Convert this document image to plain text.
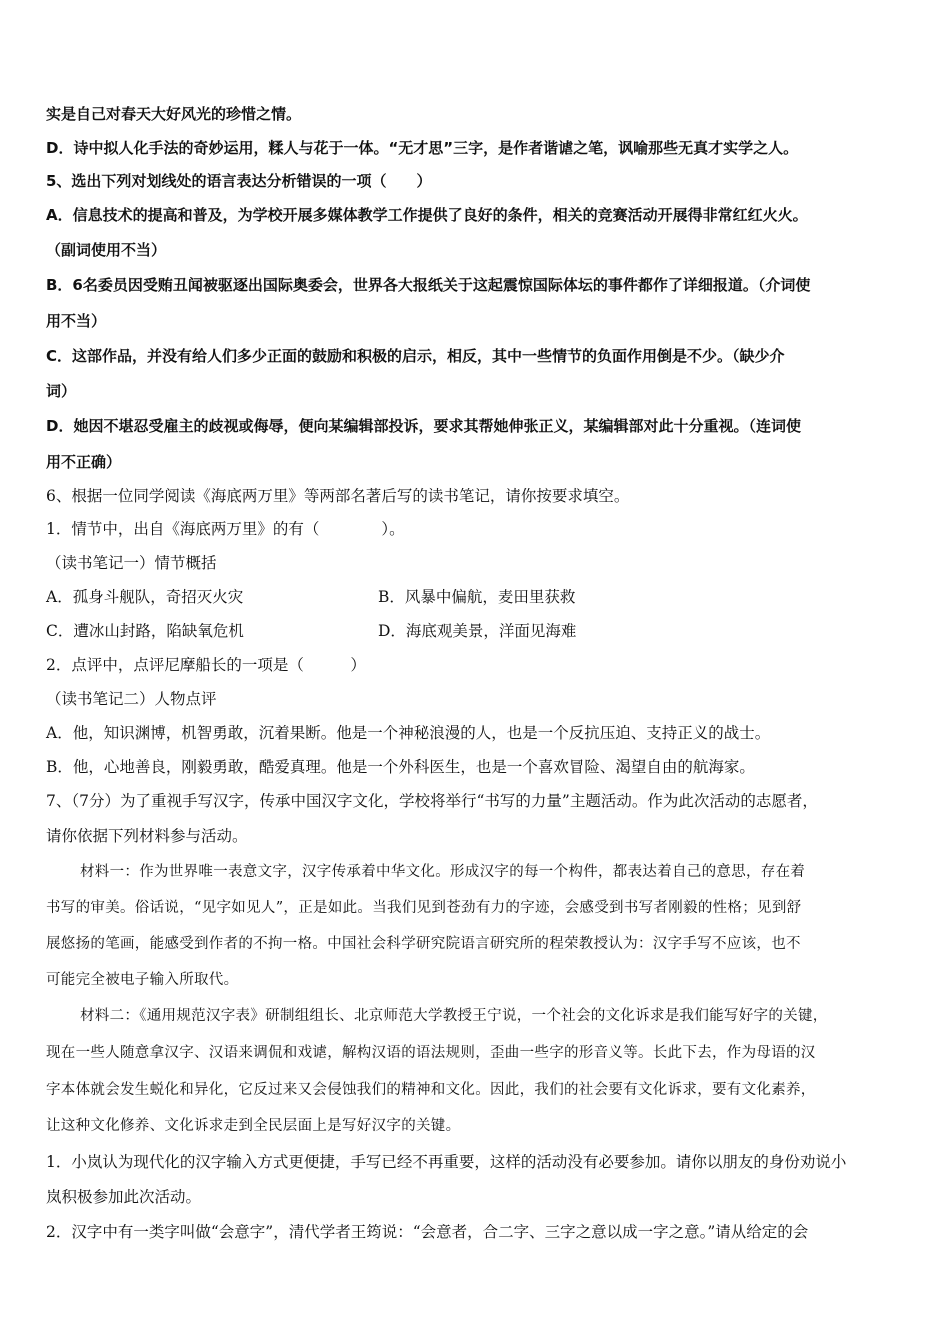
实是自己对春天大好风光的珍惜之情。
D．诗中拟人化手法的奇妙运用，糅人与花于一体。“无才思”三字，是作者谐谑之笔，讽喻那些无真才实学之人。
5、选出下列对划线处的语言表达分析错误的一项（　　）
A．信息技术的提高和普及，为学校开展多媒体教学工作提供了良好的条件，相关的竞赛活动开展得非常红红火火。
（副词使用不当）
B．6名委员因受贿丑闻被驱逐出国际奥委会，世界各大报纸关于这起震惊国际体坛的事件都作了详细报道。（介词使
用不当）
C．这部作品，并没有给人们多少正面的鼓励和积极的启示，相反，其中一些情节的负面作用倒是不少。（缺少介
词）
D．她因不堪忍受雇主的歧视或侮辱，便向某编辑部投诉，要求其帮她伸张正义，某编辑部对此十分重视。（连词使
用不正确）
6、根据一位同学阅读《海底两万里》等两部名著后写的读书笔记，请你按要求填空。
1．情节中，出自《海底两万里》的有（　　　　）。
（读书笔记一）情节概括
A．孤身斗舰队，奇招灭火灾	B．风暴中偏航，麦田里获救
C．遭冰山封路，陷缺氧危机	D．海底观美景，洋面见海难
2．点评中，点评尼摩船长的一项是（　　　）
（读书笔记二）人物点评
A．他，知识渊博，机智勇敢，沉着果断。他是一个神秘浪漫的人，也是一个反抗压迫、支持正义的战士。
B．他，心地善良，刚毅勇敢，酷爱真理。他是一个外科医生，也是一个喜欢冒险、渴望自由的航海家。
7、（7分）为了重视手写汉字，传承中国汉字文化，学校将举行“书写的力量”主题活动。作为此次活动的志愿者，
请你依据下列材料参与活动。
材料一：作为世界唯一表意文字，汉字传承着中华文化。形成汉字的每一个构件，都表达着自己的意思，存在着
书写的审美。俗话说，“见字如见人”，正是如此。当我们见到苍劲有力的字迹，会感受到书写者刚毅的性格；见到舒
展悠扬的笔画，能感受到作者的不拘一格。中国社会科学研究院语言研究所的程荣教授认为：汉字手写不应该，也不
可能完全被电子输入所取代。
材料二：《通用规范汉字表》研制组组长、北京师范大学教授王宁说，一个社会的文化诉求是我们能写好字的关键，
现在一些人随意拿汉字、汉语来调侃和戏谑，解构汉语的语法规则，歪曲一些字的形音义等。长此下去，作为母语的汉
字本体就会发生蜕化和异化，它反过来又会侵蚀我们的精神和文化。因此，我们的社会要有文化诉求，要有文化素养，
让这种文化修养、文化诉求走到全民层面上是写好汉字的关键。
1．小岚认为现代化的汉字输入方式更便捷，手写已经不再重要，这样的活动没有必要参加。请你以朋友的身份劝说小
岚积极参加此次活动。
2．汉字中有一类字叫做“会意字”，清代学者王筠说：“会意者，合二字、三字之意以成一字之意。”请从给定的会
